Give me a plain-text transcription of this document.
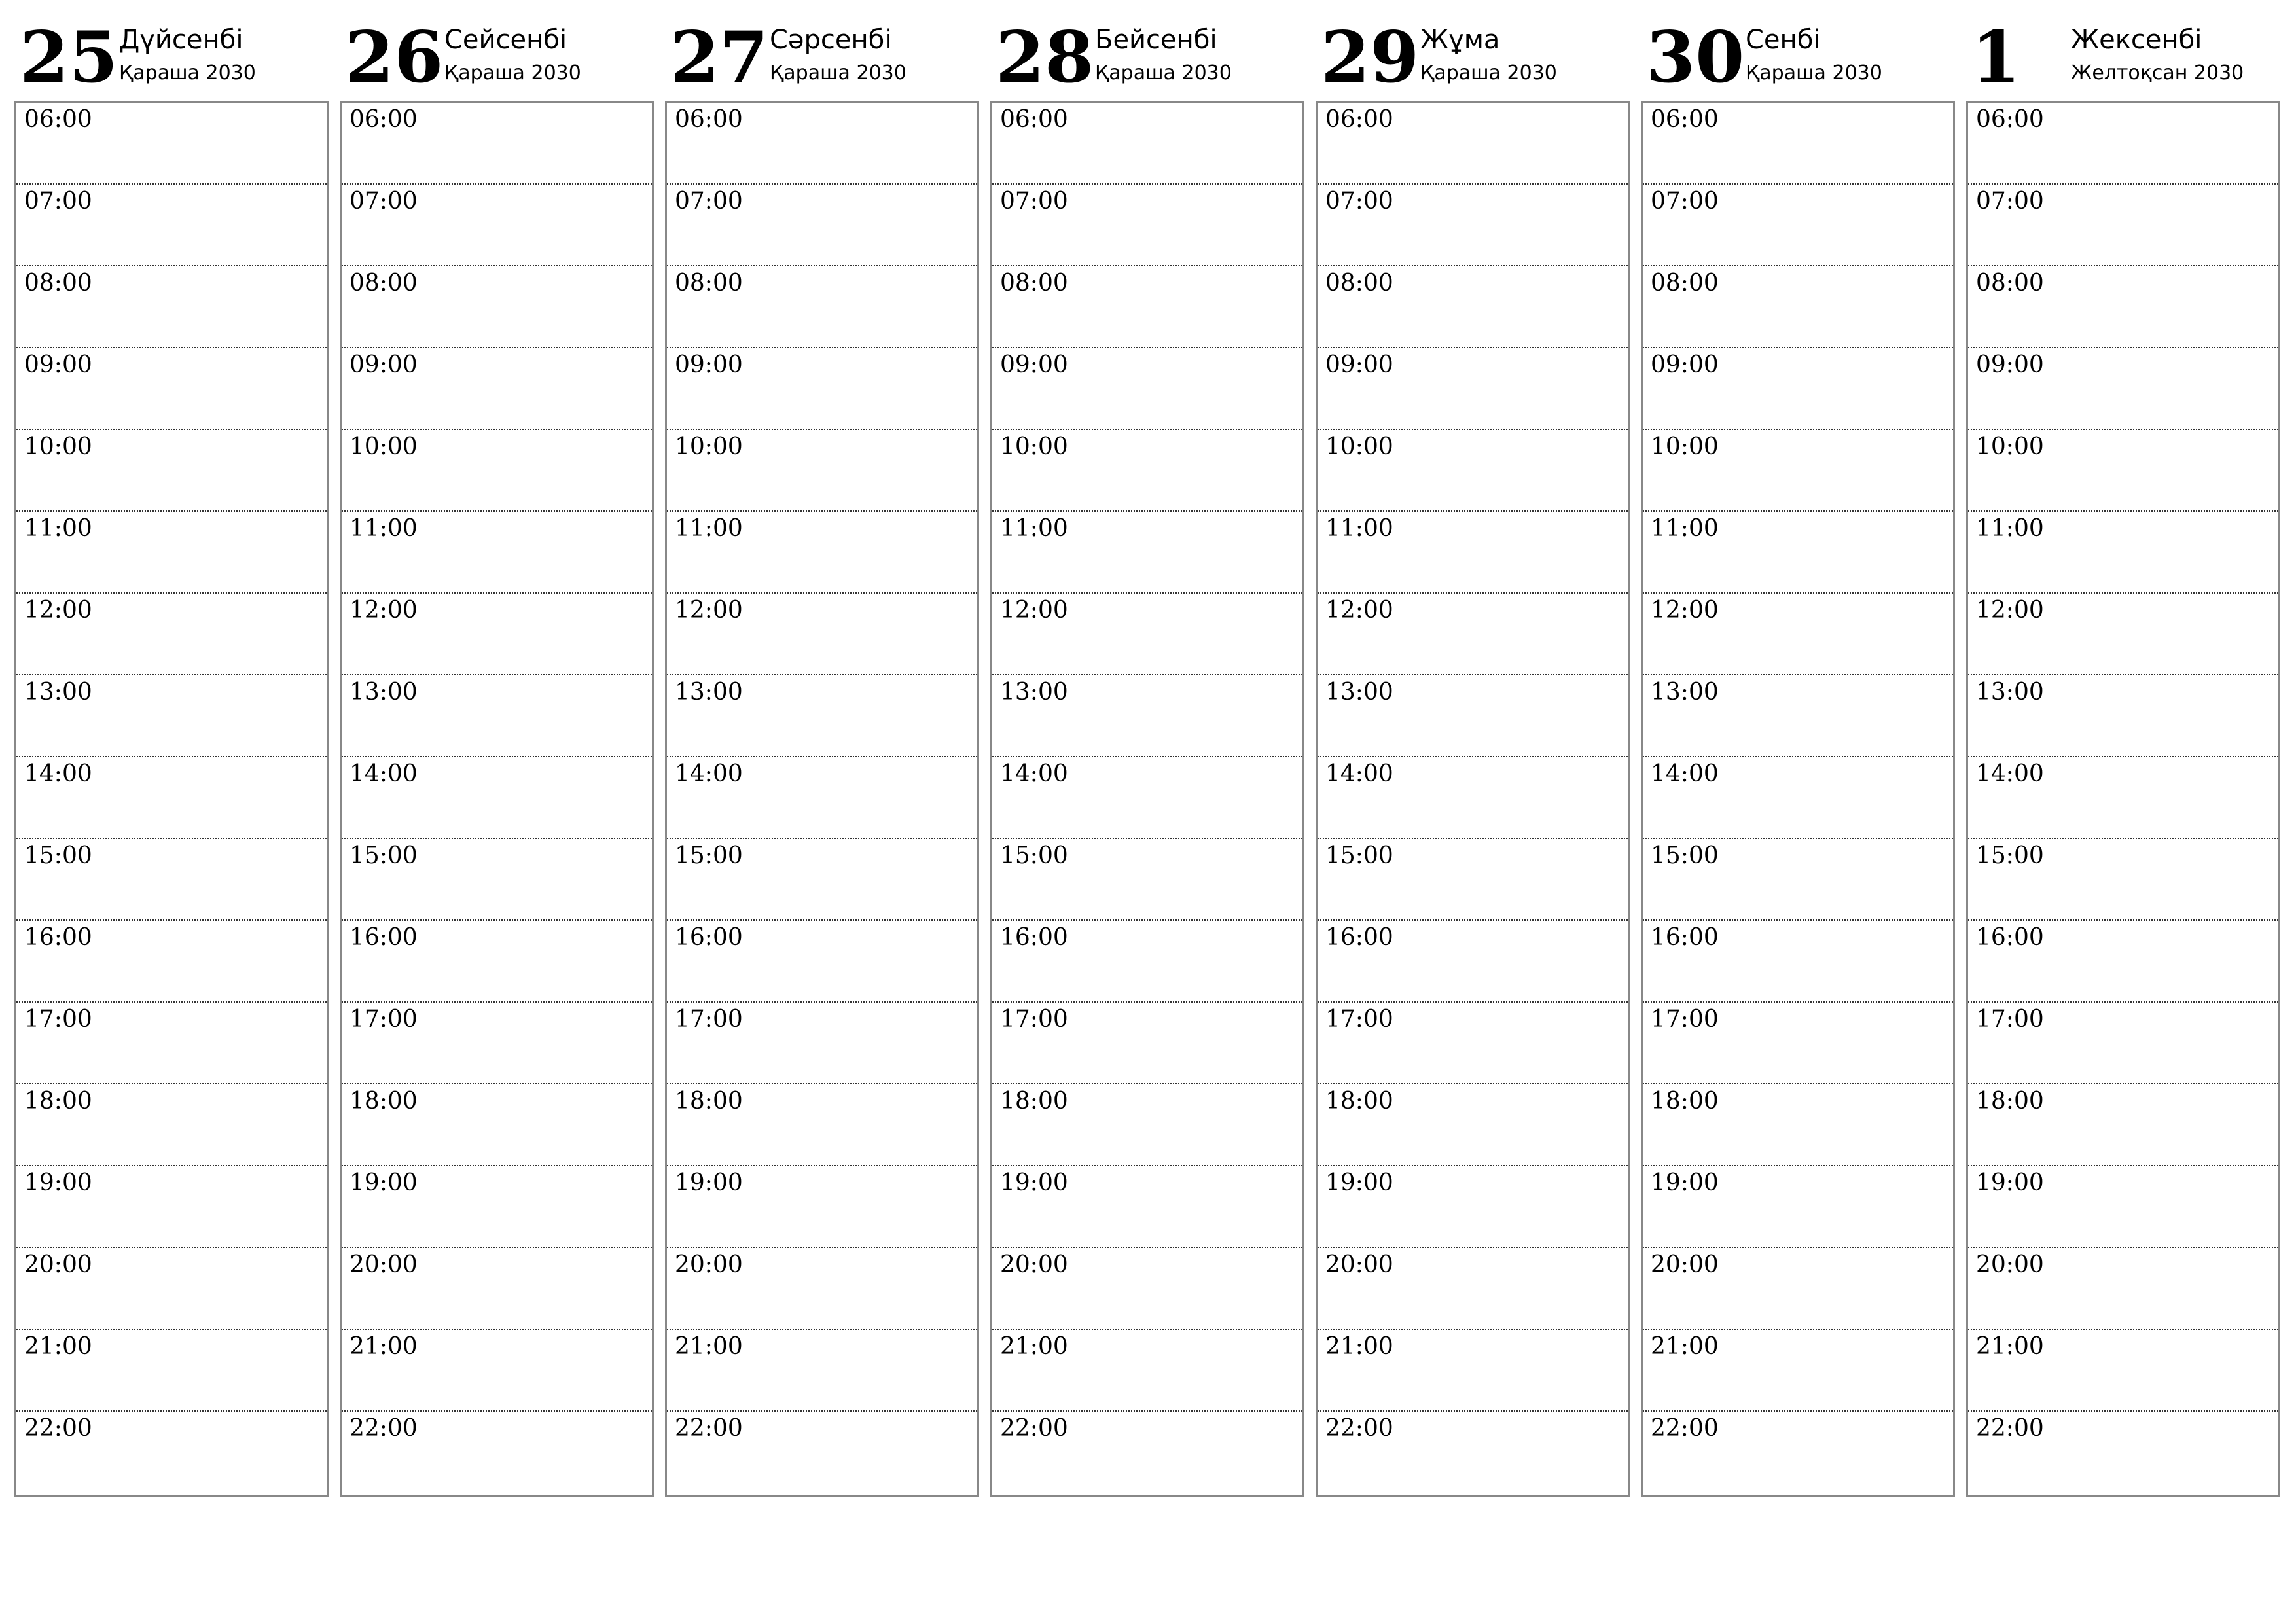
25 Дүйсенбі
Қараша 2030
06:00
07:00
08:00
09:00
10:00
11:00
12:00
13:00
14:00
15:00
16:00
17:00
18:00
19:00
20:00
21:00
22:00
26 Сейсенбі
Қараша 2030
06:00
07:00
08:00
09:00
10:00
11:00
12:00
13:00
14:00
15:00
16:00
17:00
18:00
19:00
20:00
21:00
22:00
27 Сәрсенбі
Қараша 2030
06:00
07:00
08:00
09:00
10:00
11:00
12:00
13:00
14:00
15:00
16:00
17:00
18:00
19:00
20:00
21:00
22:00
28 Бейсенбі
Қараша 2030
06:00
07:00
08:00
09:00
10:00
11:00
12:00
13:00
14:00
15:00
16:00
17:00
18:00
19:00
20:00
21:00
22:00
29 Жұма
Қараша 2030
06:00
07:00
08:00
09:00
10:00
11:00
12:00
13:00
14:00
15:00
16:00
17:00
18:00
19:00
20:00
21:00
22:00
30 Сенбі
Қараша 2030
06:00
07:00
08:00
09:00
10:00
11:00
12:00
13:00
14:00
15:00
16:00
17:00
18:00
19:00
20:00
21:00
22:00
1 Жексенбі
Желтоқсан 2030
06:00
07:00
08:00
09:00
10:00
11:00
12:00
13:00
14:00
15:00
16:00
17:00
18:00
19:00
20:00
21:00
22:00
